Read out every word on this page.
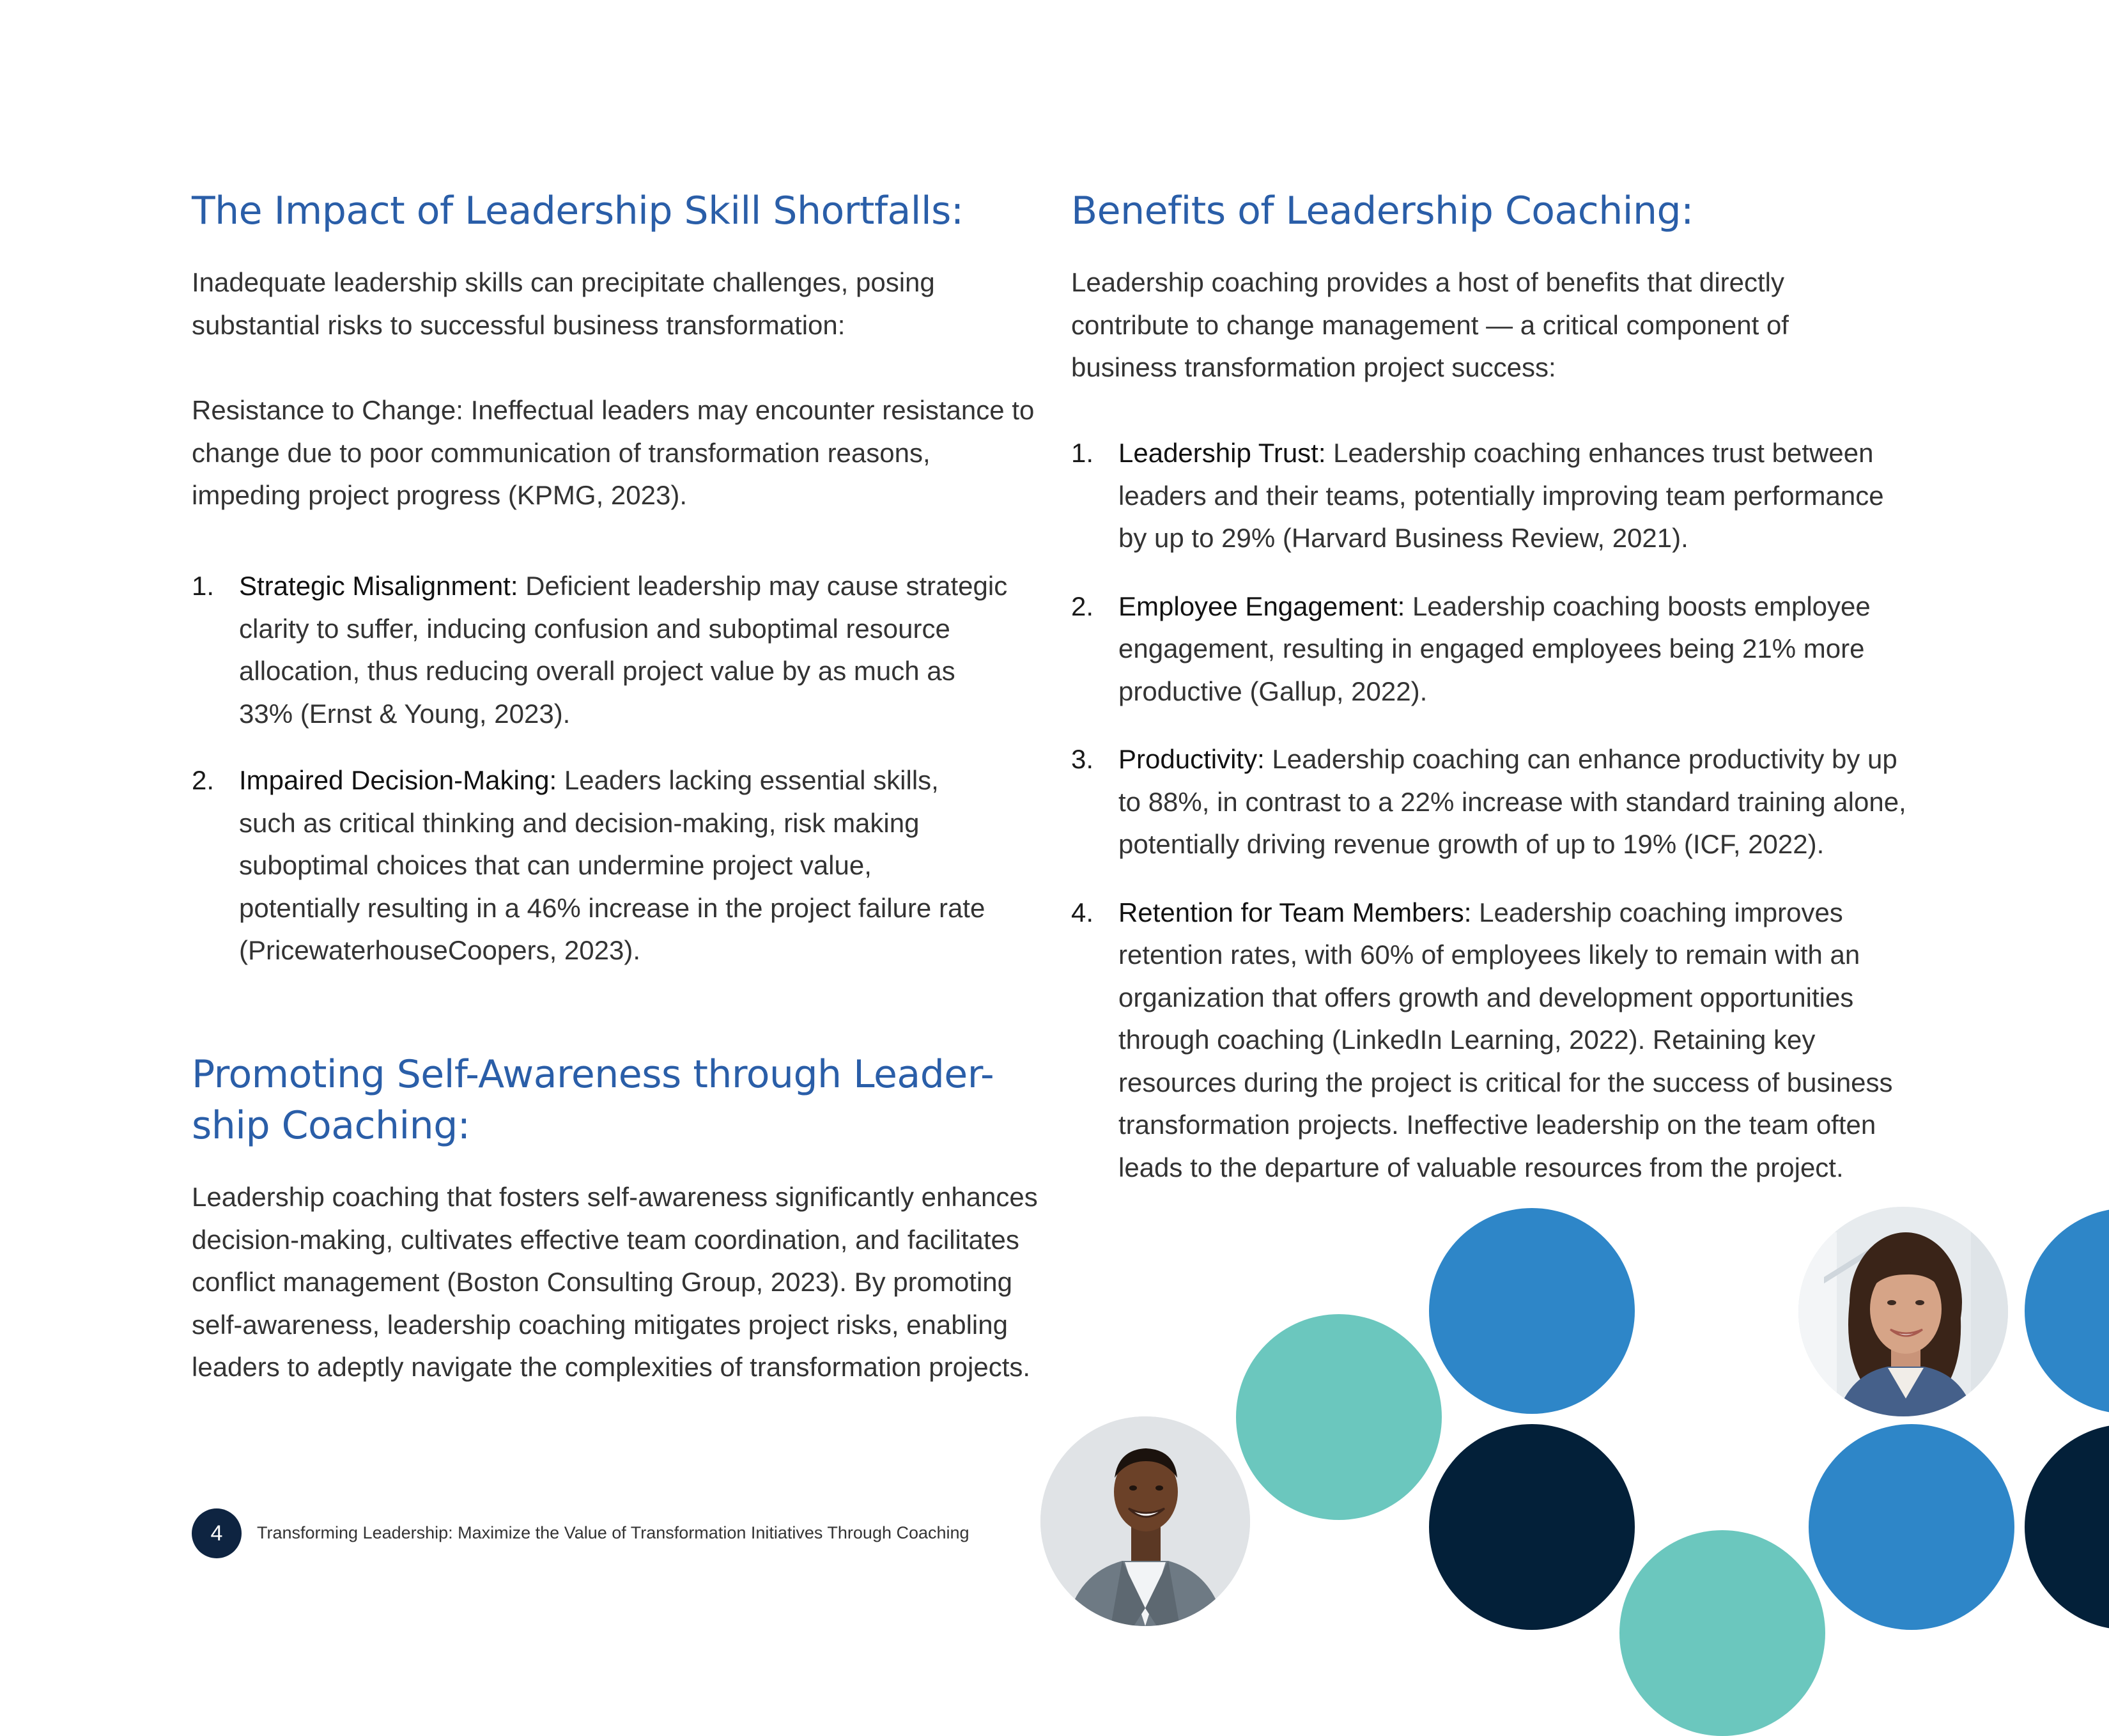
The Impact of Leadership Skill Shortfalls:

Inadequate leadership skills can precipitate challenges, posing substantial risks to successful business transformation:

Resistance to Change: Ineffectual leaders may encounter resistance to change due to poor communication of transformation reasons, impeding project progress (KPMG, 2023).

1. Strategic Misalignment: Deficient leadership may cause strategic clarity to suffer, inducing confusion and suboptimal resource allocation, thus reducing overall project value by as much as 33% (Ernst & Young, 2023).
2. Impaired Decision-Making: Leaders lacking essential skills, such as critical thinking and decision-making, risk making suboptimal choices that can undermine project value, potentially resulting in a 46% increase in the project failure rate (PricewaterhouseCoopers, 2023).
Promoting Self-Awareness through Leader-
ship Coaching:

Leadership coaching that fosters self-awareness significantly enhances decision-making, cultivates effective team coordination, and facilitates conflict management (Boston Consulting Group, 2023). By promoting self-awareness, leadership coaching mitigates project risks, enabling leaders to adeptly navigate the complexities of transformation projects.

Benefits of Leadership Coaching:

Leadership coaching provides a host of benefits that directly contribute to change management — a critical component of business transformation project success:

1. Leadership Trust: Leadership coaching enhances trust between leaders and their teams, potentially improving team performance by up to 29% (Harvard Business Review, 2021).
2. Employee Engagement: Leadership coaching boosts employee engagement, resulting in engaged employees being 21% more productive (Gallup, 2022).
3. Productivity: Leadership coaching can enhance productivity by up to 88%, in contrast to a 22% increase with standard training alone, potentially driving revenue growth of up to 19% (ICF, 2022).
4. Retention for Team Members: Leadership coaching improves retention rates, with 60% of employees likely to remain with an organization that offers growth and development opportunities through coaching (LinkedIn Learning, 2022). Retaining key resources during the project is critical for the success of business transformation projects. Ineffective leadership on the team often leads to the departure of valuable resources from the project.
4	Transforming Leadership: Maximize the Value of Transformation Initiatives Through Coaching
